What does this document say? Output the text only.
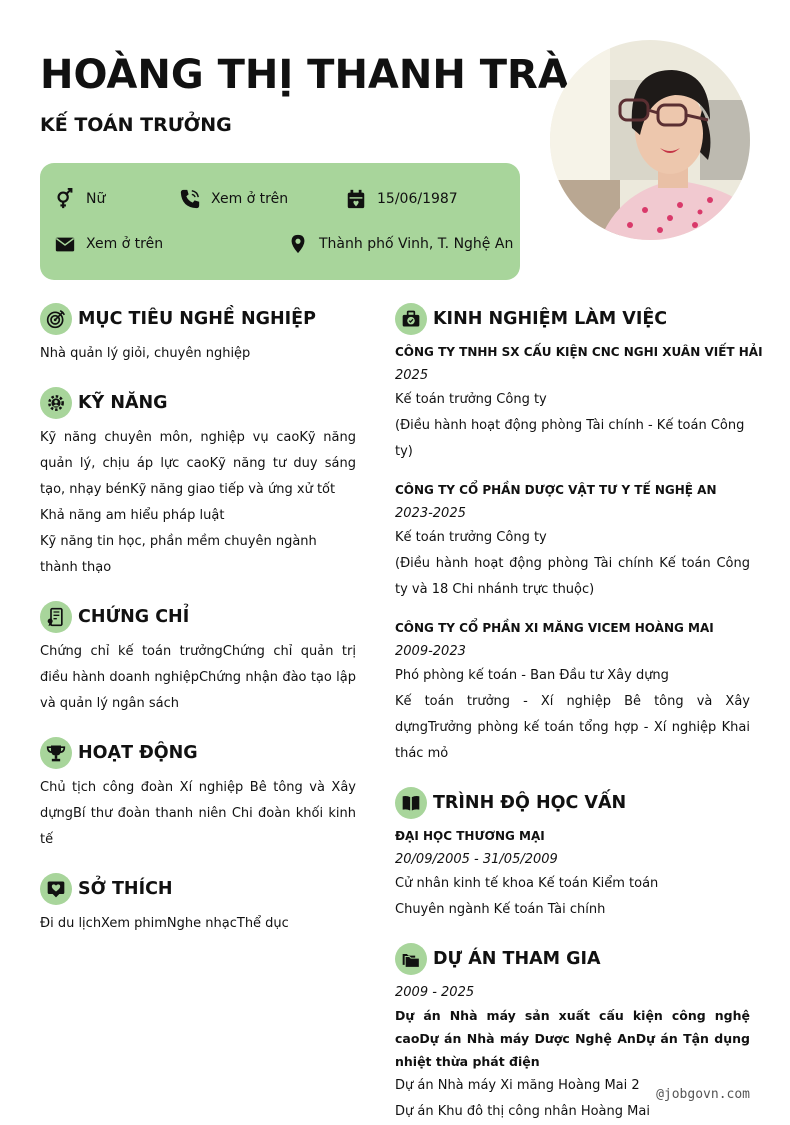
HOÀNG THỊ THANH TRÀ
KẾ TOÁN TRƯỞNG
Nữ	Xem ở trên	15/06/1987
Xem ở trên	Thành phố Vinh, T. Nghệ An
MỤC TIÊU NGHỀ NGHIỆP

Nhà quản lý giỏi, chuyên nghiệp

KỸ NĂNG

Kỹ năng chuyên môn, nghiệp vụ caoKỹ năng quản lý, chịu áp lực caoKỹ năng tư duy sáng tạo, nhạy bénKỹ năng giao tiếp và ứng xử tốt

Khả năng am hiểu pháp luật

Kỹ năng tin học, phần mềm chuyên ngành thành thạo

CHỨNG CHỈ

Chứng chỉ kế toán trưởngChứng chỉ quản trị điều hành doanh nghiệpChứng nhận đào tạo lập và quản lý ngân sách

HOẠT ĐỘNG

Chủ tịch công đoàn Xí nghiệp Bê tông và Xây dựngBí thư đoàn thanh niên Chi đoàn khối kinh tế

SỞ THÍCH

Đi du lịchXem phimNghe nhạcThể dục

KINH NGHIỆM LÀM VIỆC

CÔNG TY TNHH SX CẤU KIỆN CNC NGHI XUÂN VIẾT HẢI

2025

Kế toán trưởng Công ty

(Điều hành hoạt động phòng Tài chính - Kế toán Công ty)

CÔNG TY CỔ PHẦN DƯỢC VẬT TƯ Y TẾ NGHỆ AN

2023-2025

Kế toán trưởng Công ty

(Điều hành hoạt động phòng Tài chính Kế toán Công ty và 18 Chi nhánh trực thuộc)

CÔNG TY CỔ PHẦN XI MĂNG VICEM HOÀNG MAI

2009-2023

Phó phòng kế toán - Ban Đầu tư Xây dựng

Kế toán trưởng - Xí nghiệp Bê tông và Xây dựngTrưởng phòng kế toán tổng hợp - Xí nghiệp Khai thác mỏ

TRÌNH ĐỘ HỌC VẤN

ĐẠI HỌC THƯƠNG MẠI

20/09/2005 - 31/05/2009

Cử nhân kinh tế khoa Kế toán Kiểm toán

Chuyên ngành Kế toán Tài chính

DỰ ÁN THAM GIA

2009 - 2025

Dự án Nhà máy sản xuất cấu kiện công nghệ caoDự án Nhà máy Dược Nghệ AnDự án Tận dụng nhiệt thừa phát điện

Dự án Nhà máy Xi măng Hoàng Mai 2

Dự án Khu đô thị công nhân Hoàng Mai

@jobgovn.com
